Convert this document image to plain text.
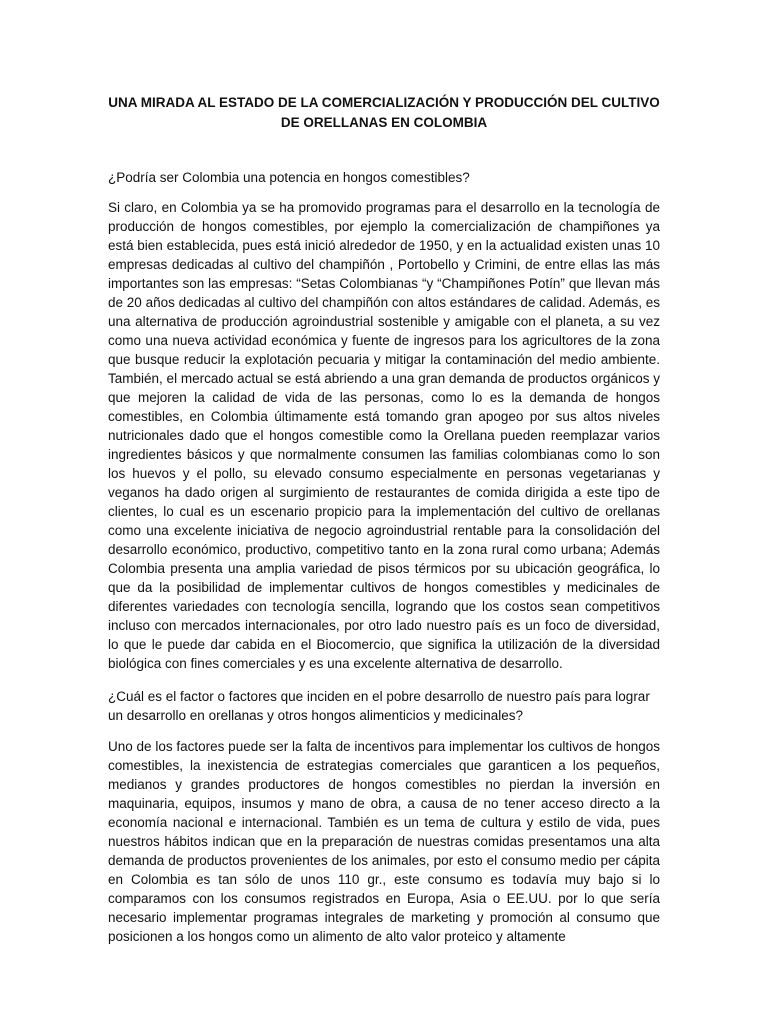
UNA MIRADA AL ESTADO DE LA COMERCIALIZACIÓN Y PRODUCCIÓN DEL CULTIVO DE ORELLANAS EN COLOMBIA
¿Podría ser Colombia una potencia en hongos comestibles?
Si claro, en Colombia ya se ha promovido programas para el desarrollo en la tecnología de producción de hongos comestibles, por ejemplo la comercialización de champiñones ya está bien establecida, pues está inició alrededor de 1950, y en la actualidad existen unas 10 empresas dedicadas al cultivo del champiñón , Portobello y Crimini, de entre ellas las más importantes son las empresas: “Setas Colombianas “y “Champiñones Potín” que llevan más de 20 años dedicadas al cultivo del champiñón con altos estándares de calidad. Además, es una alternativa de producción agroindustrial sostenible y amigable con el planeta, a su vez como una nueva actividad económica y fuente de ingresos para los agricultores de la zona que busque reducir la explotación pecuaria y mitigar la contaminación del medio ambiente. También, el mercado actual se está abriendo a una gran demanda de productos orgánicos y que mejoren la calidad de vida de las personas, como lo es la demanda de hongos comestibles, en Colombia últimamente está tomando gran apogeo por sus altos niveles nutricionales dado que el hongos comestible como la Orellana pueden reemplazar varios ingredientes básicos y que normalmente consumen las familias colombianas como lo son los huevos y el pollo, su elevado consumo especialmente en personas vegetarianas y veganos ha dado origen al surgimiento de restaurantes de comida dirigida a este tipo de clientes, lo cual es un escenario propicio para la implementación del cultivo de orellanas como una excelente iniciativa de negocio agroindustrial rentable para la consolidación del desarrollo económico, productivo, competitivo tanto en la zona rural como urbana; Además Colombia presenta una amplia variedad de pisos térmicos por su ubicación geográfica, lo que da la posibilidad de implementar cultivos de hongos comestibles y medicinales de diferentes variedades con tecnología sencilla, logrando que los costos sean competitivos incluso con mercados internacionales, por otro lado nuestro país es un foco de diversidad, lo que le puede dar cabida en el Biocomercio, que significa la utilización de la diversidad biológica con fines comerciales y es una excelente alternativa de desarrollo.
¿Cuál es el factor o factores que inciden en el pobre desarrollo de nuestro país para lograr un desarrollo en orellanas y otros hongos alimenticios y medicinales?
Uno de los factores puede ser la falta de incentivos para implementar los cultivos de hongos comestibles, la inexistencia de estrategias comerciales que garanticen a los pequeños, medianos y grandes productores de hongos comestibles no pierdan la inversión en maquinaria, equipos, insumos y mano de obra, a causa de no tener acceso directo a la economía nacional e internacional. También es un tema de cultura y estilo de vida, pues nuestros hábitos indican que en la preparación de nuestras comidas presentamos una alta demanda de productos provenientes de los animales, por esto el consumo medio per cápita en Colombia es tan sólo de unos 110 gr., este consumo es todavía muy bajo si lo comparamos con los consumos registrados en Europa, Asia o EE.UU. por lo que sería necesario implementar programas integrales de marketing y promoción al consumo que posicionen a los hongos como un alimento de alto valor proteico y altamente
